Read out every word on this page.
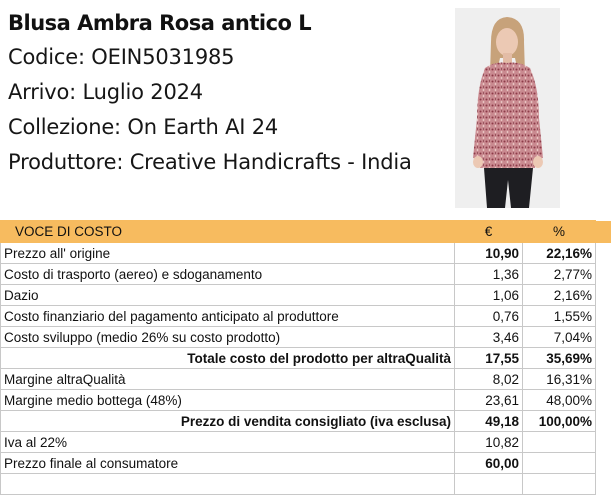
Blusa Ambra Rosa antico L
Codice: OEIN5031985
Arrivo: Luglio 2024
Collezione: On Earth AI 24
Produttore: Creative Handicrafts - India
VOCE DI COSTO	€	%	
Prezzo all' origine	10,90	22,16%	
Costo di trasporto (aereo) e sdoganamento	1,36	2,77%	
Dazio	1,06	2,16%	
Costo finanziario del pagamento anticipato al produttore	0,76	1,55%	
Costo sviluppo (medio 26% su costo prodotto)	3,46	7,04%	
Totale costo del prodotto per altraQualità	17,55	35,69%	
Margine altraQualità	8,02	16,31%	
Margine medio bottega (48%)	23,61	48,00%	
Prezzo di vendita consigliato (iva esclusa)	49,18	100,00%	
Iva al 22%	10,82		
Prezzo finale al consumatore	60,00		
